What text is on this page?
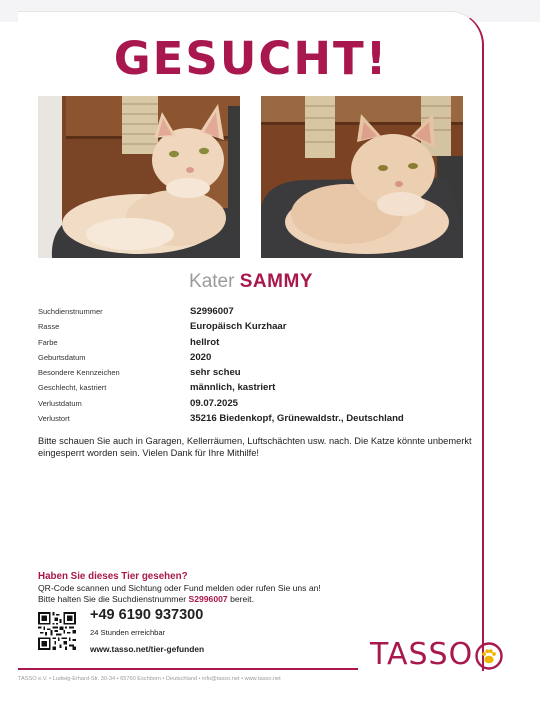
GESUCHT!
Kater SAMMY
Suchdienstnummer	S2996007
Rasse	Europäisch Kurzhaar
Farbe	hellrot
Geburtsdatum	2020
Besondere Kennzeichen	sehr scheu
Geschlecht, kastriert	männlich, kastriert
Verlustdatum	09.07.2025
Verlustort	35216 Biedenkopf, Grünewaldstr., Deutschland
Bitte schauen Sie auch in Garagen, Kellerräumen, Luftschächten usw. nach. Die Katze könnte unbemerkt eingesperrt worden sein. Vielen Dank für Ihre Mithilfe!
Haben Sie dieses Tier gesehen?
QR-Code scannen und Sichtung oder Fund melden oder rufen Sie uns an!
Bitte halten Sie die Suchdienstnummer S2996007 bereit.
+49 6190 937300
24 Stunden erreichbar
www.tasso.net/tier-gefunden	TASSO
TASSO e.V. • Ludwig-Erhard-Str. 30-34 • 65760 Eschborn • Deutschland • info@tasso.net • www.tasso.net
